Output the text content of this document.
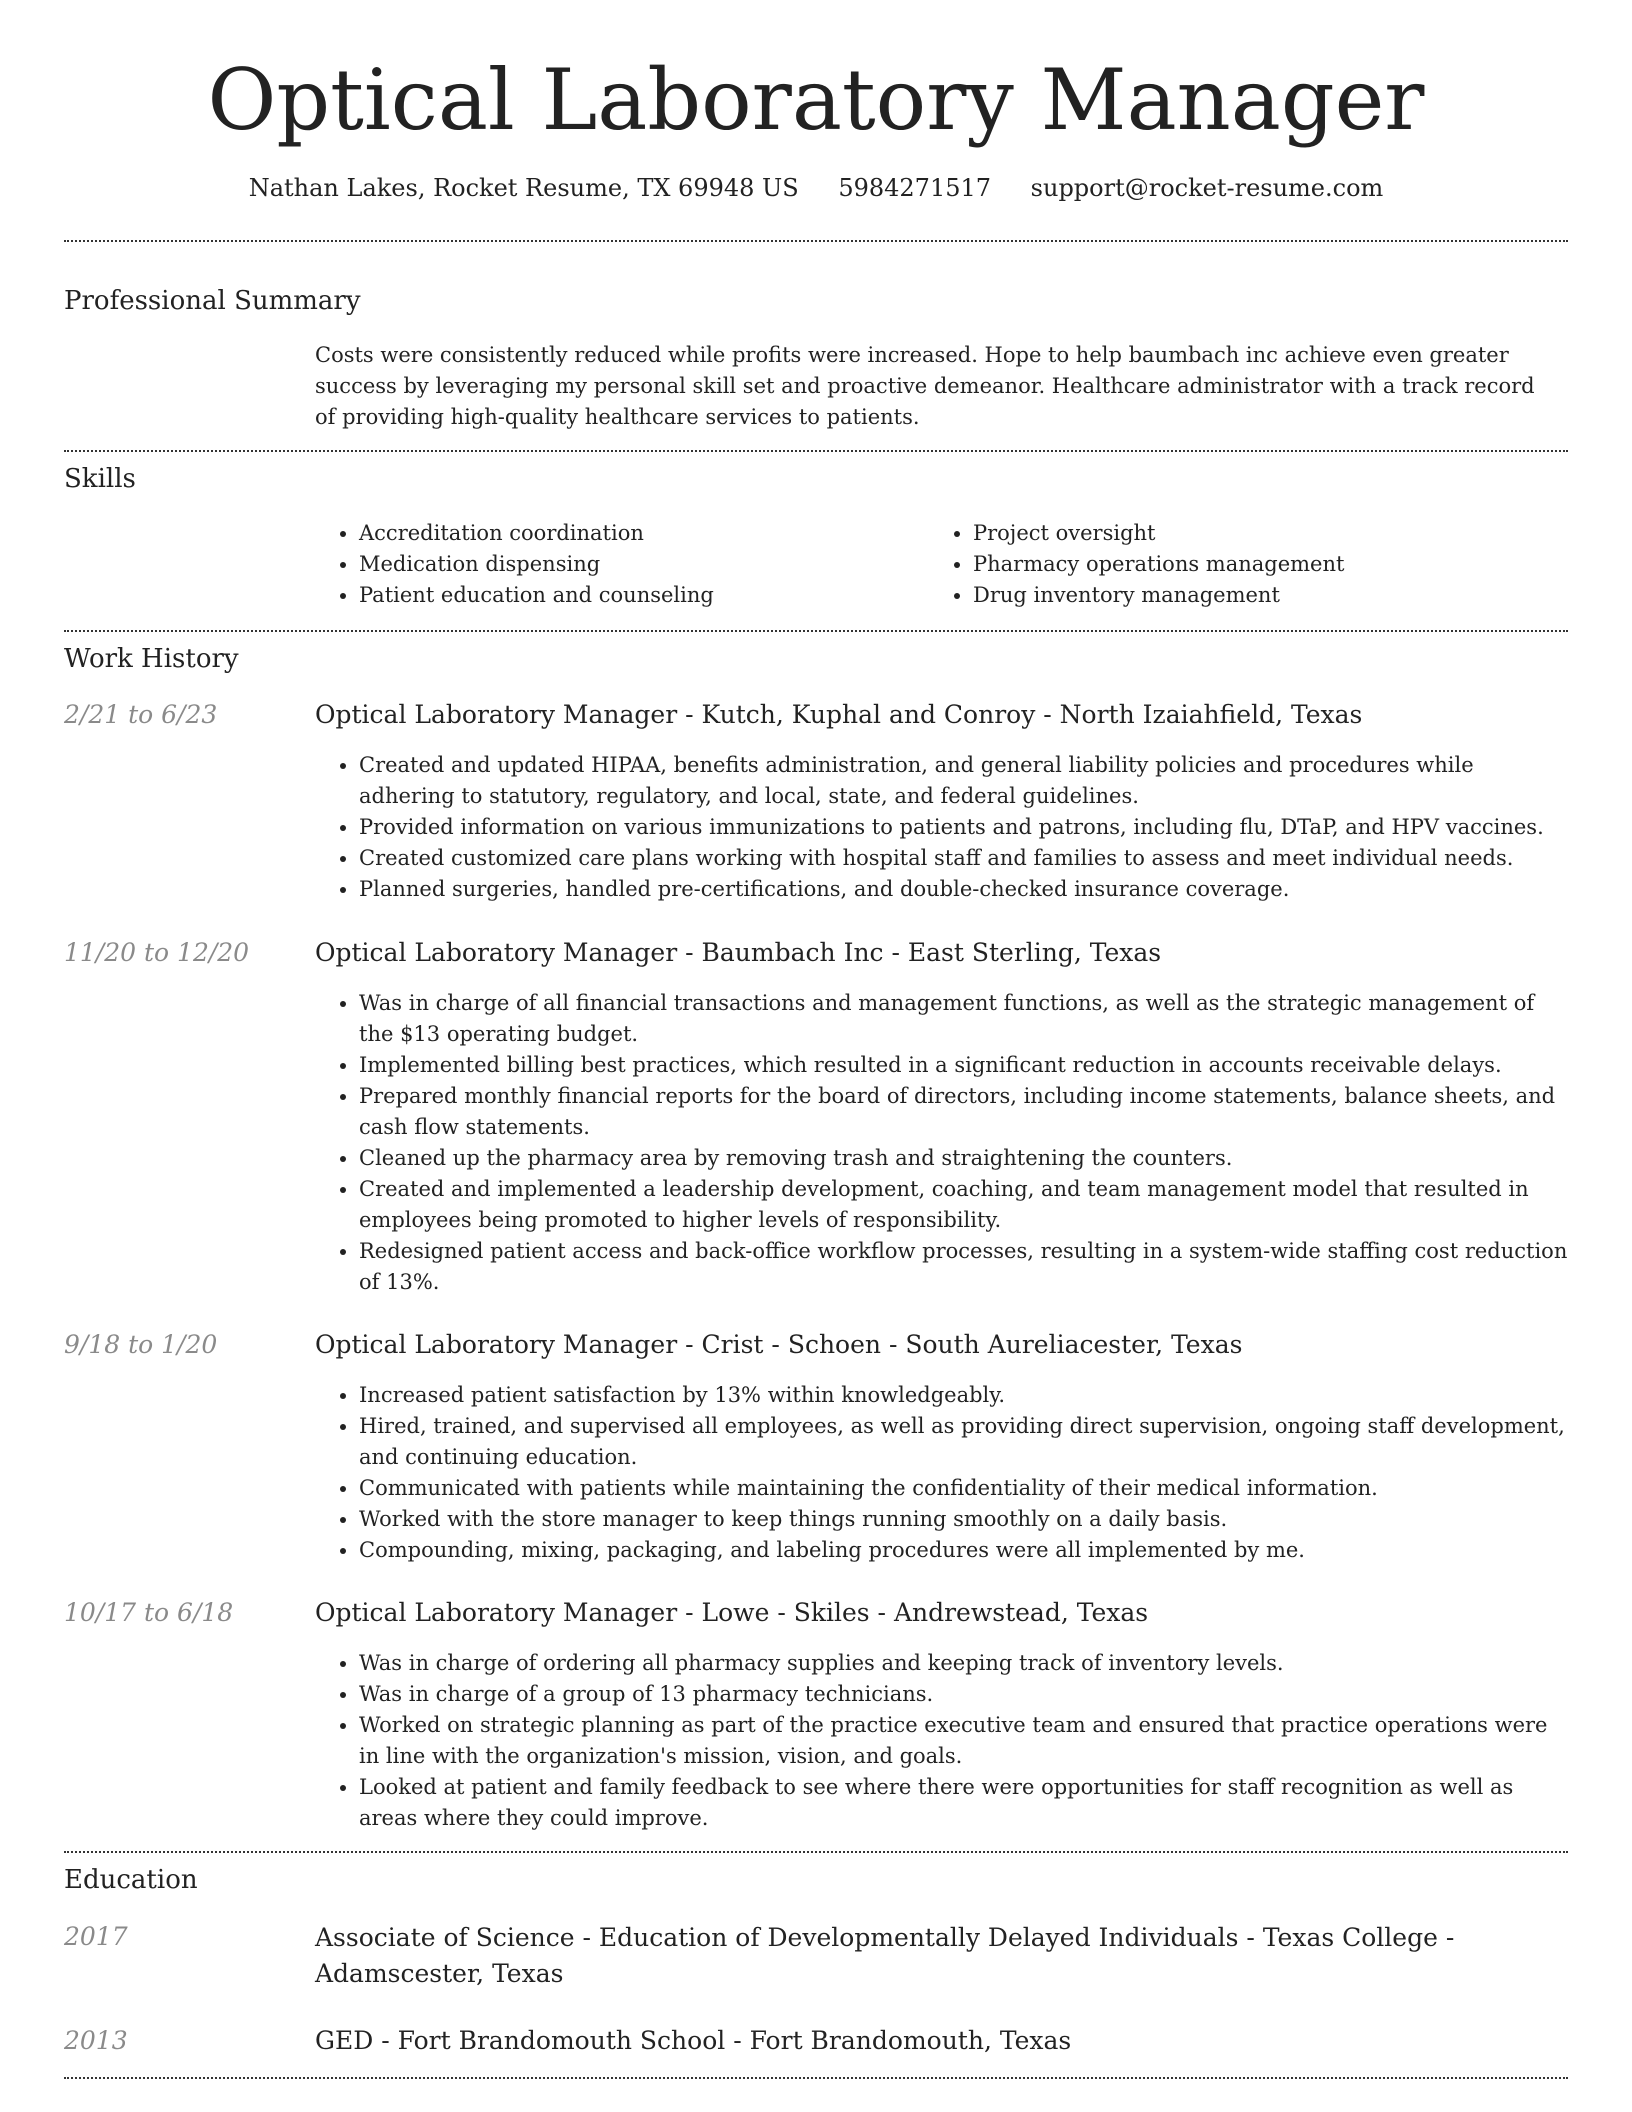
Optical Laboratory Manager
Nathan Lakes, Rocket Resume, TX 69948 US 5984271517 support@rocket-resume.com
Professional Summary
Costs were consistently reduced while profits were increased. Hope to help baumbach inc achieve even greater success by leveraging my personal skill set and proactive demeanor. Healthcare administrator with a track record of providing high-quality healthcare services to patients.
Skills
• Accreditation coordination
• Medication dispensing
• Patient education and counseling
• Project oversight
• Pharmacy operations management
• Drug inventory management
Work History
2/21 to 6/23	Optical Laboratory Manager - Kutch, Kuphal and Conroy - North Izaiahfield, Texas
• Created and updated HIPAA, benefits administration, and general liability policies and procedures while adhering to statutory, regulatory, and local, state, and federal guidelines.
• Provided information on various immunizations to patients and patrons, including flu, DTaP, and HPV vaccines.
• Created customized care plans working with hospital staff and families to assess and meet individual needs.
• Planned surgeries, handled pre-certifications, and double-checked insurance coverage.
11/20 to 12/20	Optical Laboratory Manager - Baumbach Inc - East Sterling, Texas
• Was in charge of all financial transactions and management functions, as well as the strategic management of the $13 operating budget.
• Implemented billing best practices, which resulted in a significant reduction in accounts receivable delays.
• Prepared monthly financial reports for the board of directors, including income statements, balance sheets, and cash flow statements.
• Cleaned up the pharmacy area by removing trash and straightening the counters.
• Created and implemented a leadership development, coaching, and team management model that resulted in employees being promoted to higher levels of responsibility.
• Redesigned patient access and back-office workflow processes, resulting in a system-wide staffing cost reduction of 13%.
9/18 to 1/20	Optical Laboratory Manager - Crist - Schoen - South Aureliacester, Texas
• Increased patient satisfaction by 13% within knowledgeably.
• Hired, trained, and supervised all employees, as well as providing direct supervision, ongoing staff development, and continuing education.
• Communicated with patients while maintaining the confidentiality of their medical information.
• Worked with the store manager to keep things running smoothly on a daily basis.
• Compounding, mixing, packaging, and labeling procedures were all implemented by me.
10/17 to 6/18	Optical Laboratory Manager - Lowe - Skiles - Andrewstead, Texas
• Was in charge of ordering all pharmacy supplies and keeping track of inventory levels.
• Was in charge of a group of 13 pharmacy technicians.
• Worked on strategic planning as part of the practice executive team and ensured that practice operations were in line with the organization's mission, vision, and goals.
• Looked at patient and family feedback to see where there were opportunities for staff recognition as well as areas where they could improve.
Education
2017	Associate of Science - Education of Developmentally Delayed Individuals - Texas College - Adamscester, Texas
2013	GED - Fort Brandomouth School - Fort Brandomouth, Texas
